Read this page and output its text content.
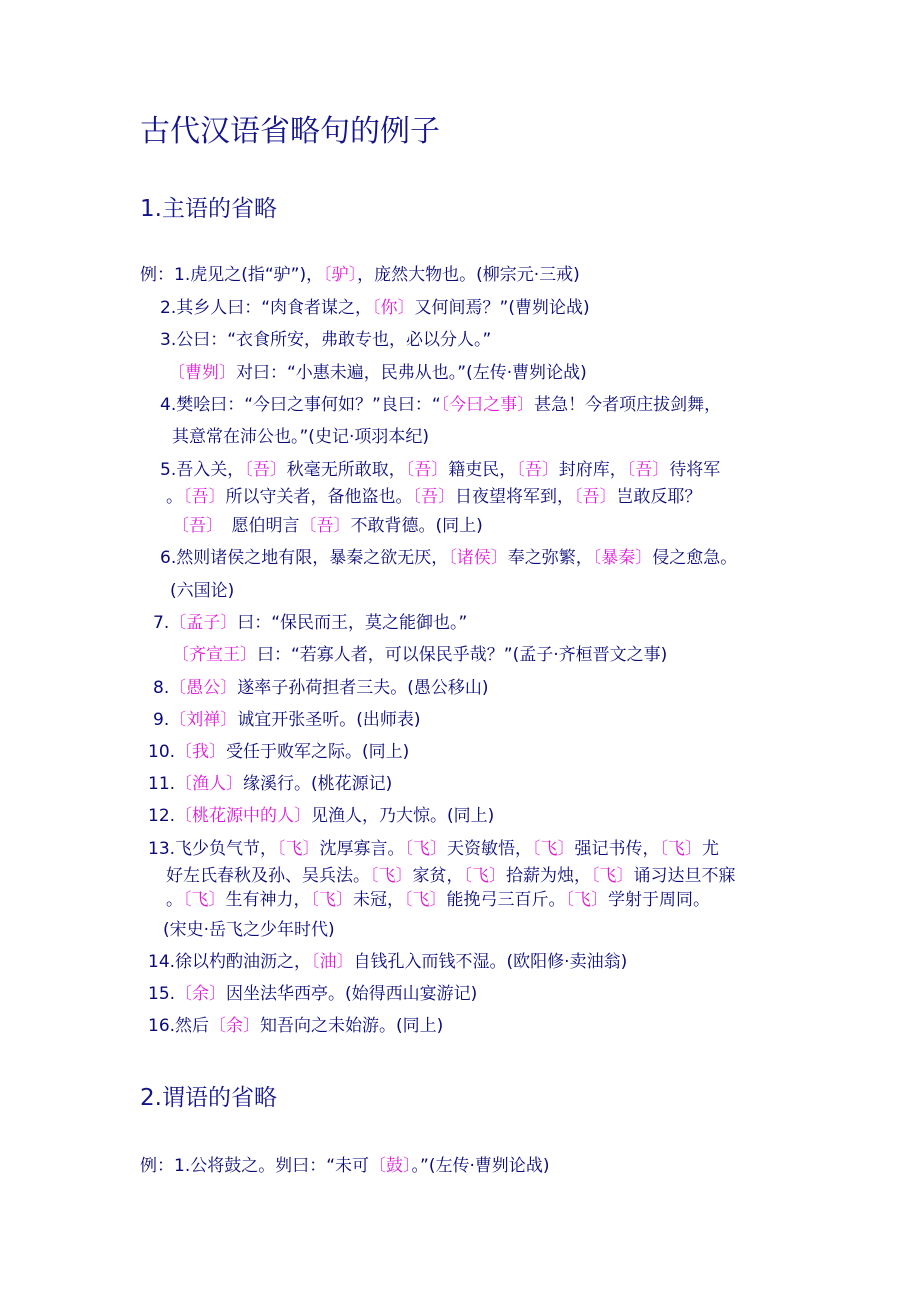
古代汉语省略句的例子
1.主语的省略
例：1.虎见之(指“驴”)，〔驴〕，庞然大物也。(柳宗元·三戒)
2.其乡人曰：“肉食者谋之，〔你〕又何间焉？”(曹刿论战)
3.公曰：“衣食所安，弗敢专也，必以分人。”
〔曹刿〕对曰：“小惠未遍，民弗从也。”(左传·曹刿论战)
4.樊哙曰：“今曰之事何如？”良曰：“〔今曰之事〕甚急！今者项庄拔剑舞，
其意常在沛公也。”(史记·项羽本纪)
5.吾入关，〔吾〕秋毫无所敢取，〔吾〕籍吏民，〔吾〕封府库，〔吾〕待将军
。〔吾〕所以守关者，备他盗也。〔吾〕日夜望将军到，〔吾〕岂敢反耶？
〔吾〕　愿伯明言〔吾〕不敢背德。(同上)
6.然则诸侯之地有限，暴秦之欲无厌，〔诸侯〕奉之弥繁，〔暴秦〕侵之愈急。
(六国论)
7.〔孟子〕曰：“保民而王，莫之能御也。”
〔齐宣王〕曰：“若寡人者，可以保民乎哉？”(孟子·齐桓晋文之事)
8.〔愚公〕遂率子孙荷担者三夫。(愚公移山)
9.〔刘禅〕诚宜开张圣听。(出师表)
10.〔我〕受任于败军之际。(同上)
11.〔渔人〕缘溪行。(桃花源记)
12.〔桃花源中的人〕见渔人，乃大惊。(同上)
13.飞少负气节，〔飞〕沈厚寡言。〔飞〕天资敏悟，〔飞〕强记书传，〔飞〕尤
好左氏春秋及孙、吴兵法。〔飞〕家贫，〔飞〕拾薪为烛，〔飞〕诵习达旦不寐
。〔飞〕生有神力，〔飞〕未冠，〔飞〕能挽弓三百斤。〔飞〕学射于周同。
(宋史·岳飞之少年时代)
14.徐以杓酌油沥之，〔油〕自钱孔入而钱不湿。(欧阳修·卖油翁)
15.〔余〕因坐法华西亭。(始得西山宴游记)
16.然后〔余〕知吾向之未始游。(同上)
2.谓语的省略
例：1.公将鼓之。刿曰：“未可〔鼓〕。”(左传·曹刿论战)
